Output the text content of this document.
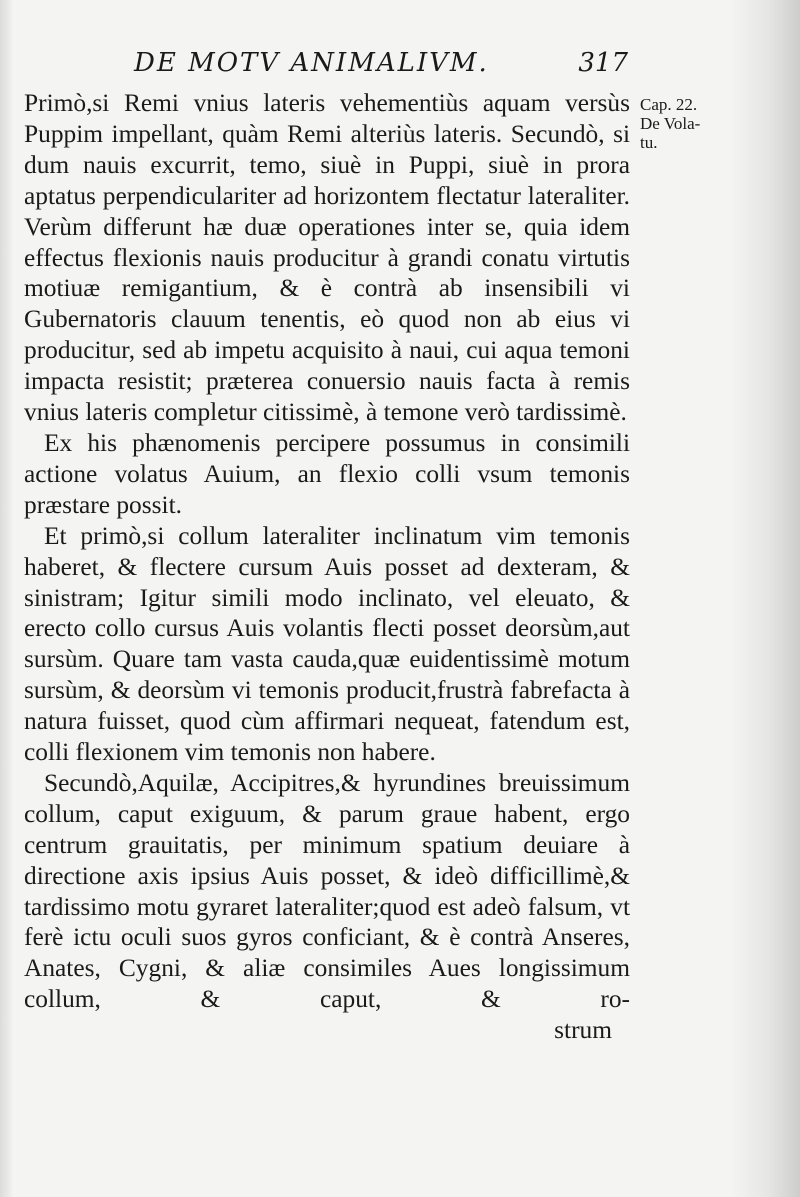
DE MOTV ANIMALIVM.	317
Cap. 22.
De Vola-
tu.

Primò,si Remi vnius lateris vehementiùs aquam versùs Puppim impellant, quàm Remi alteriùs lateris. Secundò, si dum nauis excurrit, temo, siuè in Puppi, siuè in prora aptatus perpendiculariter ad horizontem flectatur lateraliter. Verùm differunt hæ duæ operationes inter se, quia idem effectus flexionis nauis producitur à grandi conatu virtutis motiuæ remigantium, & è contrà ab insensibili vi Gubernatoris clauum tenentis, eò quod non ab eius vi producitur, sed ab impetu acquisito à naui, cui aqua temoni impacta resistit; præterea conuersio nauis facta à remis vnius lateris completur citissimè, à temone verò tardissimè.

Ex his phænomenis percipere possumus in consimili actione volatus Auium, an flexio colli vsum temonis præstare possit.

Et primò,si collum lateraliter inclinatum vim temonis haberet, & flectere cursum Auis posset ad dexteram, & sinistram; Igitur simili modo inclinato, vel eleuato, & erecto collo cursus Auis volantis flecti posset deorsùm,aut sursùm. Quare tam vasta cauda,quæ euidentissimè motum sursùm, & deorsùm vi temonis producit,frustrà fabrefacta à natura fuisset, quod cùm affirmari nequeat, fatendum est, colli flexionem vim temonis non habere.

Secundò,Aquilæ, Accipitres,& hyrundines breuissimum collum, caput exiguum, & parum graue habent, ergo centrum grauitatis, per minimum spatium deuiare à directione axis ipsius Auis posset, & ideò difficillimè,& tardissimo motu gyraret lateraliter;quod est adeò falsum, vt ferè ictu oculi suos gyros conficiant, & è contrà Anseres, Anates, Cygni, & aliæ consimiles Aues longissimum collum, & caput, & ro-

strum
